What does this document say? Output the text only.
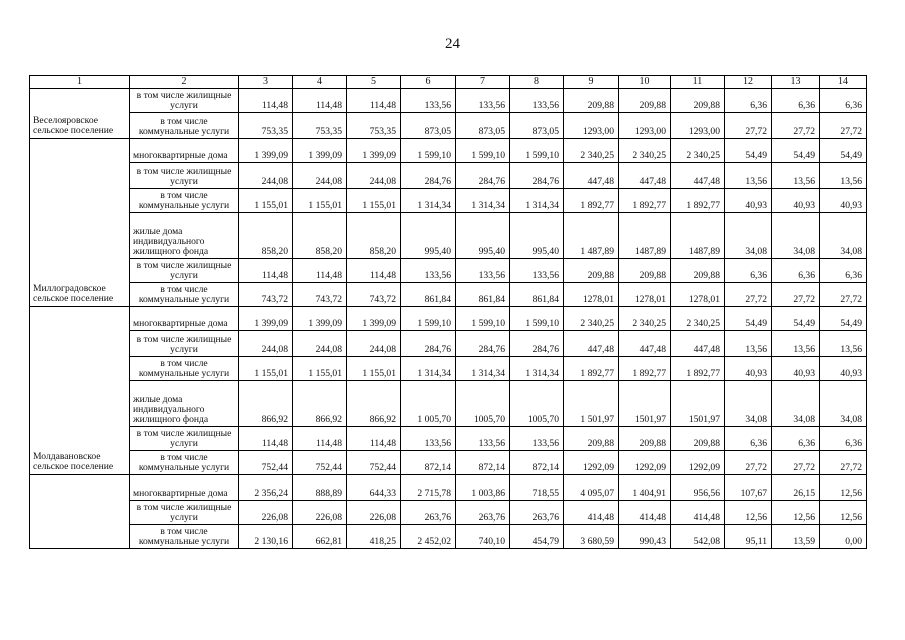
24
1	2	3	4	5	6	7	8	9	10	11	12	13	14
	в том числе жилищные услуги	114,48	114,48	114,48	133,56	133,56	133,56	209,88	209,88	209,88	6,36	6,36	6,36
Веселояровское сельское поселение	в том числе коммунальные услуги	753,35	753,35	753,35	873,05	873,05	873,05	1293,00	1293,00	1293,00	27,72	27,72	27,72
	многоквартирные дома	1 399,09	1 399,09	1 399,09	1 599,10	1 599,10	1 599,10	2 340,25	2 340,25	2 340,25	54,49	54,49	54,49
	в том числе жилищные услуги	244,08	244,08	244,08	284,76	284,76	284,76	447,48	447,48	447,48	13,56	13,56	13,56
	в том числе коммунальные услуги	1 155,01	1 155,01	1 155,01	1 314,34	1 314,34	1 314,34	1 892,77	1 892,77	1 892,77	40,93	40,93	40,93
	жилые дома индивидуального жилищного фонда	858,20	858,20	858,20	995,40	995,40	995,40	1 487,89	1487,89	1487,89	34,08	34,08	34,08
	в том числе жилищные услуги	114,48	114,48	114,48	133,56	133,56	133,56	209,88	209,88	209,88	6,36	6,36	6,36
Миллоградовское сельское поселение	в том числе коммунальные услуги	743,72	743,72	743,72	861,84	861,84	861,84	1278,01	1278,01	1278,01	27,72	27,72	27,72
	многоквартирные дома	1 399,09	1 399,09	1 399,09	1 599,10	1 599,10	1 599,10	2 340,25	2 340,25	2 340,25	54,49	54,49	54,49
	в том числе жилищные услуги	244,08	244,08	244,08	284,76	284,76	284,76	447,48	447,48	447,48	13,56	13,56	13,56
	в том числе коммунальные услуги	1 155,01	1 155,01	1 155,01	1 314,34	1 314,34	1 314,34	1 892,77	1 892,77	1 892,77	40,93	40,93	40,93
	жилые дома индивидуального жилищного фонда	866,92	866,92	866,92	1 005,70	1005,70	1005,70	1 501,97	1501,97	1501,97	34,08	34,08	34,08
	в том числе жилищные услуги	114,48	114,48	114,48	133,56	133,56	133,56	209,88	209,88	209,88	6,36	6,36	6,36
Молдавановское сельское поселение	в том числе коммунальные услуги	752,44	752,44	752,44	872,14	872,14	872,14	1292,09	1292,09	1292,09	27,72	27,72	27,72
	многоквартирные дома	2 356,24	888,89	644,33	2 715,78	1 003,86	718,55	4 095,07	1 404,91	956,56	107,67	26,15	12,56
	в том числе жилищные услуги	226,08	226,08	226,08	263,76	263,76	263,76	414,48	414,48	414,48	12,56	12,56	12,56
	в том числе коммунальные услуги	2 130,16	662,81	418,25	2 452,02	740,10	454,79	3 680,59	990,43	542,08	95,11	13,59	0,00
